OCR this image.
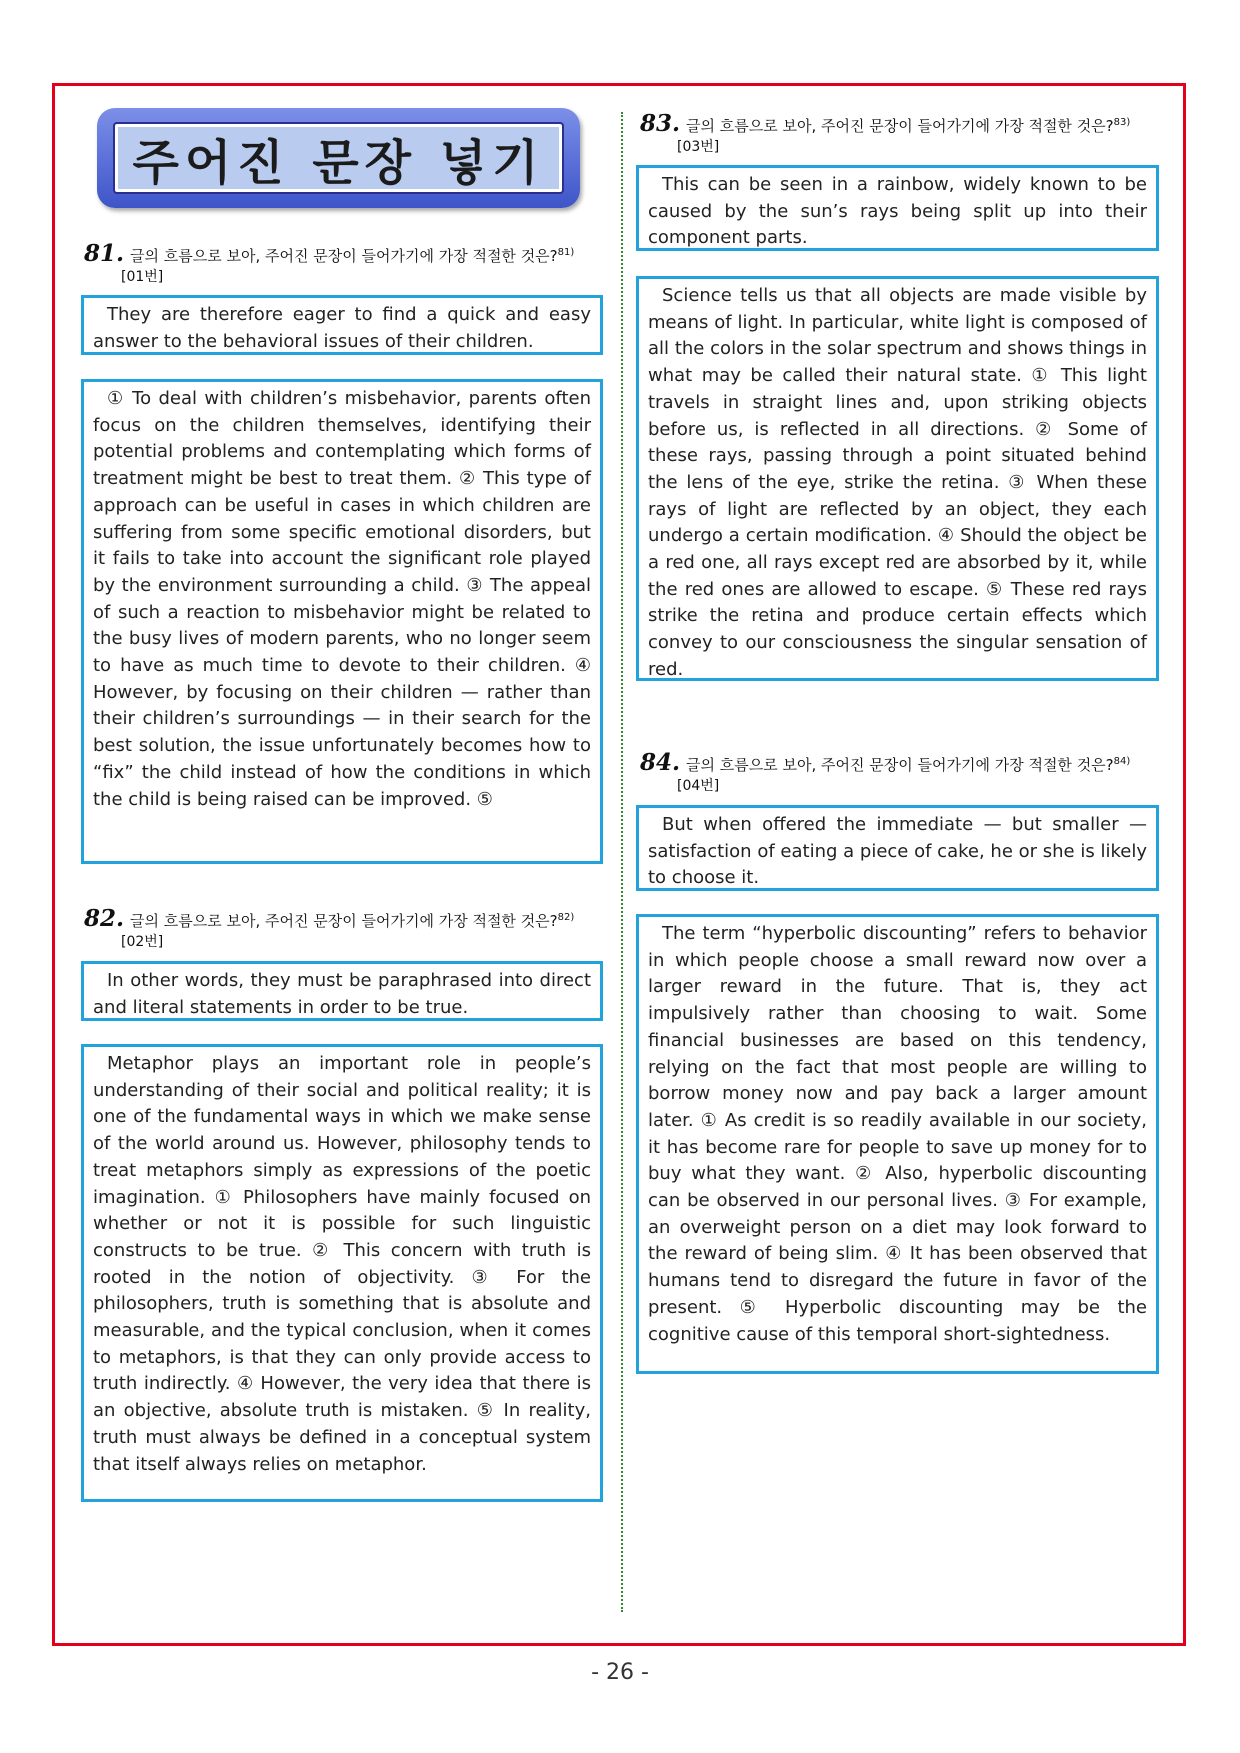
주어진 문장 넣기
81. 글의 흐름으로 보아, 주어진 문장이 들어가기에 가장 적절한 것은?$^{81)}$
[01번]
They are therefore eager to find a quick and easy answer to the behavioral issues of their children.
① To deal with children’s misbehavior, parents often focus on the children themselves, identifying their potential problems and contemplating which forms of treatment might be best to treat them. ② This type of approach can be useful in cases in which children are suffering from some specific emotional disorders, but it fails to take into account the significant role played by the environment surrounding a child. ③ The appeal of such a reaction to misbehavior might be related to the busy lives of modern parents, who no longer seem to have as much time to devote to their children. ④ However, by focusing on their children — rather than their children’s surroundings — in their search for the best solution, the issue unfortunately becomes how to “fix” the child instead of how the conditions in which the child is being raised can be improved. ⑤
82. 글의 흐름으로 보아, 주어진 문장이 들어가기에 가장 적절한 것은?$^{82)}$
[02번]
In other words, they must be paraphrased into direct and literal statements in order to be true.
Metaphor plays an important role in people’s understanding of their social and political reality; it is one of the fundamental ways in which we make sense of the world around us. However, philosophy tends to treat metaphors simply as expressions of the poetic imagination. ① Philosophers have mainly focused on whether or not it is possible for such linguistic constructs to be true. ② This concern with truth is rooted in the notion of objectivity. ③ For the philosophers, truth is something that is absolute and measurable, and the typical conclusion, when it comes to metaphors, is that they can only provide access to truth indirectly. ④ However, the very idea that there is an objective, absolute truth is mistaken. ⑤ In reality, truth must always be defined in a conceptual system that itself always relies on metaphor.
83. 글의 흐름으로 보아, 주어진 문장이 들어가기에 가장 적절한 것은?$^{83)}$
[03번]
This can be seen in a rainbow, widely known to be caused by the sun’s rays being split up into their component parts.
Science tells us that all objects are made visible by means of light. In particular, white light is composed of all the colors in the solar spectrum and shows things in what may be called their natural state. ① This light travels in straight lines and, upon striking objects before us, is reflected in all directions. ② Some of these rays, passing through a point situated behind the lens of the eye, strike the retina. ③ When these rays of light are reflected by an object, they each undergo a certain modification. ④ Should the object be a red one, all rays except red are absorbed by it, while the red ones are allowed to escape. ⑤ These red rays strike the retina and produce certain effects which convey to our consciousness the singular sensation of red.
84. 글의 흐름으로 보아, 주어진 문장이 들어가기에 가장 적절한 것은?$^{84)}$
[04번]
But when offered the immediate — but smaller — satisfaction of eating a piece of cake, he or she is likely to choose it.
The term “hyperbolic discounting” refers to behavior in which people choose a small reward now over a larger reward in the future. That is, they act impulsively rather than choosing to wait. Some financial businesses are based on this tendency, relying on the fact that most people are willing to borrow money now and pay back a larger amount later. ① As credit is so readily available in our society, it has become rare for people to save up money for to buy what they want. ② Also, hyperbolic discounting can be observed in our personal lives. ③ For example, an overweight person on a diet may look forward to the reward of being slim. ④ It has been observed that humans tend to disregard the future in favor of the present. ⑤ Hyperbolic discounting may be the cognitive cause of this temporal short-sightedness.
- 26 -
